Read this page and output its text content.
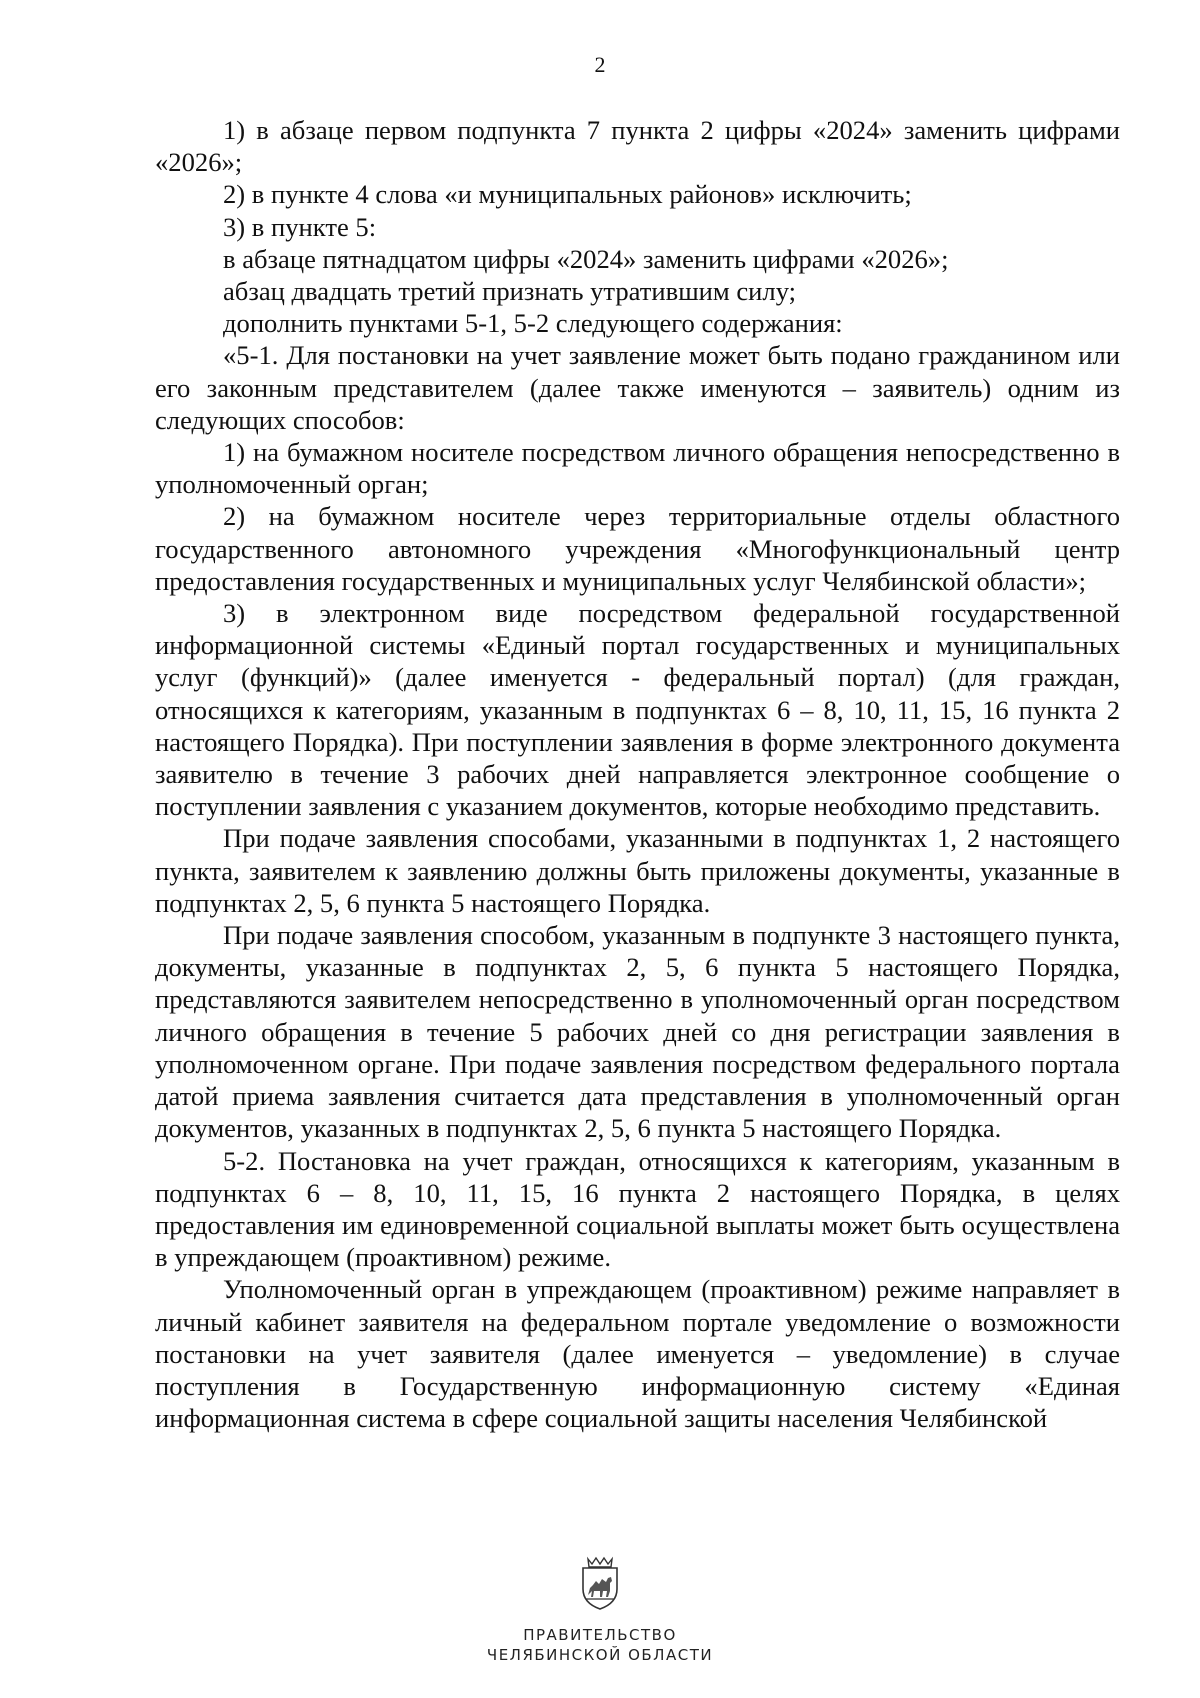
2

1) в абзаце первом подпункта 7 пункта 2 цифры «2024» заменить цифрами «2026»;

2) в пункте 4 слова «и муниципальных районов» исключить;

3) в пункте 5:

в абзаце пятнадцатом цифры «2024» заменить цифрами «2026»;

абзац двадцать третий признать утратившим силу;

дополнить пунктами 5-1, 5-2 следующего содержания:

«5-1. Для постановки на учет заявление может быть подано гражданином или его законным представителем (далее также именуются – заявитель) одним из следующих способов:

1) на бумажном носителе посредством личного обращения непосредственно в уполномоченный орган;

2) на бумажном носителе через территориальные отделы областного государственного автономного учреждения «Многофункциональный центр предоставления государственных и муниципальных услуг Челябинской области»;

3) в электронном виде посредством федеральной государственной информационной системы «Единый портал государственных и муниципальных услуг (функций)» (далее именуется - федеральный портал) (для граждан, относящихся к категориям, указанным в подпунктах 6 – 8, 10, 11, 15, 16 пункта 2 настоящего Порядка). При поступлении заявления в форме электронного документа заявителю в течение 3 рабочих дней направляется электронное сообщение о поступлении заявления с указанием документов, которые необходимо представить.

При подаче заявления способами, указанными в подпунктах 1, 2 настоящего пункта, заявителем к заявлению должны быть приложены документы, указанные в подпунктах 2, 5, 6 пункта 5 настоящего Порядка.

При подаче заявления способом, указанным в подпункте 3 настоящего пункта, документы, указанные в подпунктах 2, 5, 6 пункта 5 настоящего Порядка, представляются заявителем непосредственно в уполномоченный орган посредством личного обращения в течение 5 рабочих дней со дня регистрации заявления в уполномоченном органе. При подаче заявления посредством федерального портала датой приема заявления считается дата представления в уполномоченный орган документов, указанных в подпунктах 2, 5, 6 пункта 5 настоящего Порядка.

5-2. Постановка на учет граждан, относящихся к категориям, указанным в подпунктах 6 – 8, 10, 11, 15, 16 пункта 2 настоящего Порядка, в целях предоставления им единовременной социальной выплаты может быть осуществлена в упреждающем (проактивном) режиме.

Уполномоченный орган в упреждающем (проактивном) режиме направляет в личный кабинет заявителя на федеральном портале уведомление о возможности постановки на учет заявителя (далее именуется – уведомление) в случае поступления в Государственную информационную систему «Единая информационная система в сфере социальной защиты населения Челябинской

ПРАВИТЕЛЬСТВО
ЧЕЛЯБИНСКОЙ ОБЛАСТИ
